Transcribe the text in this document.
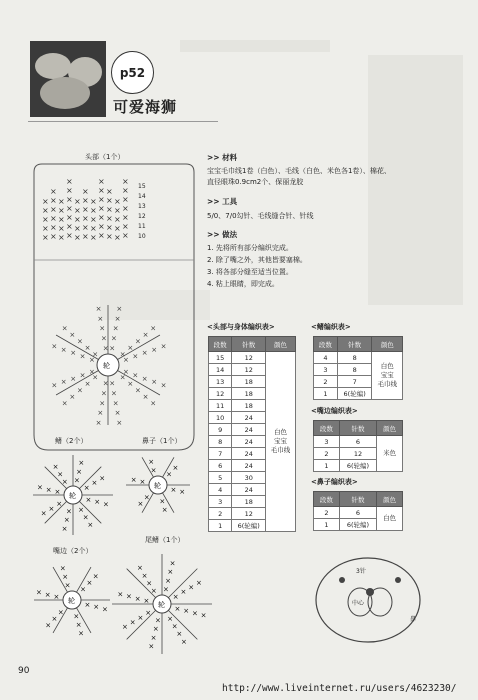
p52
可爱海狮
头部（1个）
×
×
×
×
×
×
×
×
×
×
×
×
×
×
×
×
×
×
×
×
×
×
×
×
×
×
×
×
×
×
×
×
×
×
×
×
×
×
×
×
×
×
×
×
×
×
×
×
×
×
×
×
×
×
×
×
×
×
×
×
×
×
×
×
×
× ×
×
×
×
×
×
×
×
×
×
×
×
×
×
×
×
×
×
×
×
×
×
×
×
×
×
×
×
×
×
×
×
×
×
×
×
×
×
× ×
× ×
× ×
× ×
× ×
×
×
×
×
×
×
×
×
×
×
轮
15
14
13
12
11
10
鳍（2个）	鼻子（1个）
嘴边（2个）
尾鳍（1个）
轮 × × ×
×
×
×
×
×
×
×
×
×
×
×
×
×
×
×
×
×
×
×
×
×
轮 × ×
×
×
×
×
×
×
×
×
×
×
轮 × × ×
×
×
×
×
×
×
×
×
×
×
×
×
×
×
×
轮 × × × ×
×
×
×
×
×
×
×
×
×
×
×
×
×
×
×
×	×
×
×
×
×
×
×
×
×
×
×
×
>> 材料
宝宝毛巾线1卷（白色）、毛线（白色、米色各1卷）、棉花、
直径眼珠0.9cm2个、保丽龙胶
>> 工具
5/0、7/0勾针、毛线缝合针、针线
>> 做法
1. 先将所有部分编织完成。
2. 除了嘴之外，其他皆要塞棉。
3. 将各部分缝至适当位置。
4. 粘上眼睛，即完成。
<头部与身体编织表>
段数	针数	颜色
15	12	白色
宝宝
毛巾线
14	12	
13	18	
12	18	
11	18	
10	24	
9	24	
8	24	
7	24	
6	24	
5	30	
4	24	
3	18	
2	12	
1	6(轮编)	
<鳍编织表>
段数	针数	颜色
4	8	白色
宝宝
毛巾线
3	8	
2	7	
1	6(轮编)	
<嘴边编织表>
段数	针数	颜色
3	6	米色
2	12	
1	6(轮编)	
<鼻子编织表>
段数	针数	颜色
2	6	白色
1	6(轮编)	
3针
中心
鼻
90
http://www.liveinternet.ru/users/4623230/
